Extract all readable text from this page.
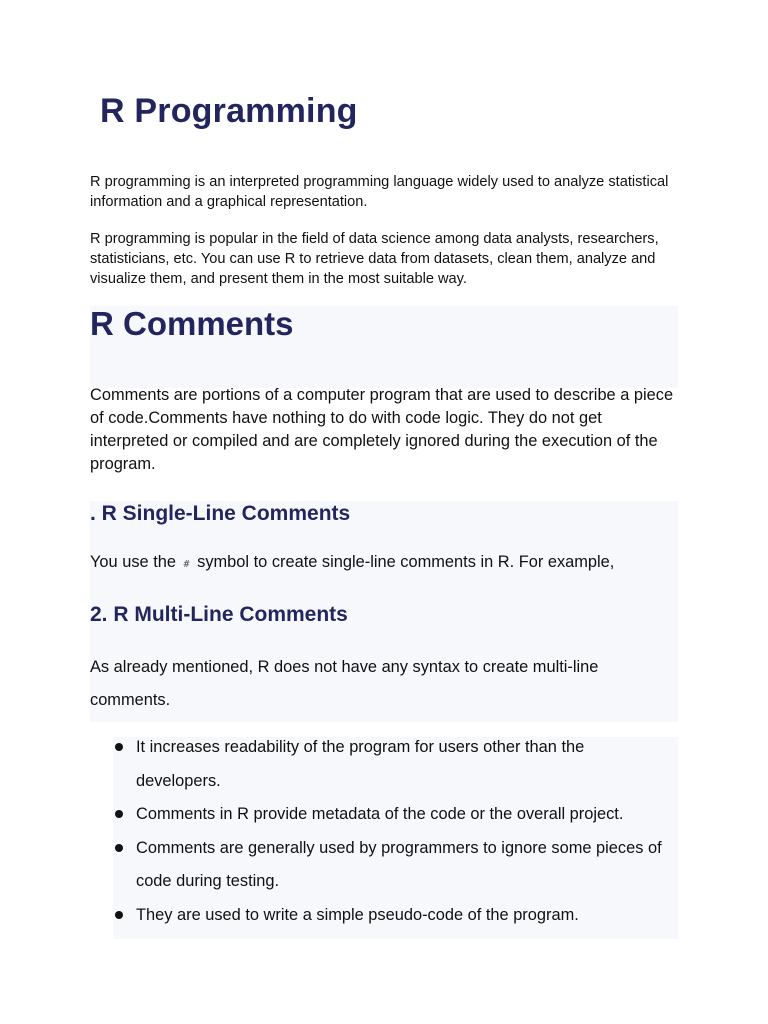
R Programming

R programming is an interpreted programming language widely used to analyze statistical information and a graphical representation.

R programming is popular in the field of data science among data analysts, researchers, statisticians, etc. You can use R to retrieve data from datasets, clean them, analyze and visualize them, and present them in the most suitable way.

R Comments

Comments are portions of a computer program that are used to describe a piece of code.Comments have nothing to do with code logic. They do not get interpreted or compiled and are completely ignored during the execution of the program.

. R Single-Line Comments

You use the # symbol to create single-line comments in R. For example,

2. R Multi-Line Comments

As already mentioned, R does not have any syntax to create multi-line comments.

It increases readability of the program for users other than the developers.
Comments in R provide metadata of the code or the overall project.
Comments are generally used by programmers to ignore some pieces of code during testing.
They are used to write a simple pseudo-code of the program.
